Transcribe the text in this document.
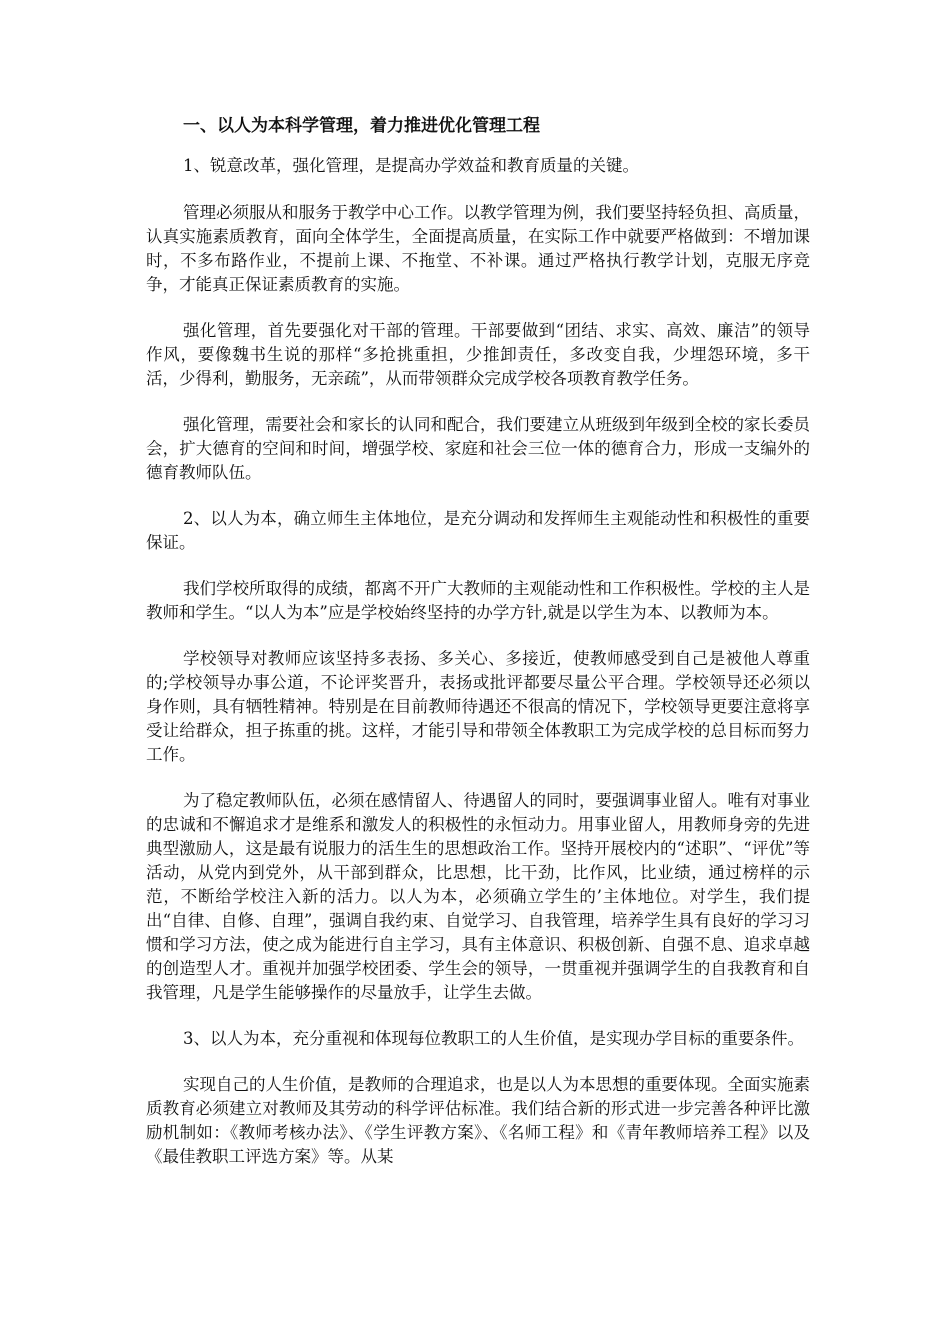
一、以人为本科学管理，着力推进优化管理工程

1、锐意改革，强化管理，是提高办学效益和教育质量的关键。

管理必须服从和服务于教学中心工作。以教学管理为例，我们要坚持轻负担、高质量，认真实施素质教育，面向全体学生，全面提高质量，在实际工作中就要严格做到：不增加课时，不多布路作业，不提前上课、不拖堂、不补课。通过严格执行教学计划，克服无序竞争，才能真正保证素质教育的实施。

强化管理，首先要强化对干部的管理。干部要做到“团结、求实、高效、廉洁”的领导作风，要像魏书生说的那样“多抢挑重担，少推卸责任，多改变自我，少埋怨环境，多干活，少得利，勤服务，无亲疏”，从而带领群众完成学校各项教育教学任务。

强化管理，需要社会和家长的认同和配合，我们要建立从班级到年级到全校的家长委员会，扩大德育的空间和时间，增强学校、家庭和社会三位一体的德育合力，形成一支编外的德育教师队伍。

2、以人为本，确立师生主体地位，是充分调动和发挥师生主观能动性和积极性的重要保证。

我们学校所取得的成绩，都离不开广大教师的主观能动性和工作积极性。学校的主人是教师和学生。“以人为本”应是学校始终坚持的办学方针,就是以学生为本、以教师为本。

学校领导对教师应该坚持多表扬、多关心、多接近，使教师感受到自己是被他人尊重的;学校领导办事公道，不论评奖晋升，表扬或批评都要尽量公平合理。学校领导还必须以身作则，具有牺牲精神。特别是在目前教师待遇还不很高的情况下，学校领导更要注意将享受让给群众，担子拣重的挑。这样，才能引导和带领全体教职工为完成学校的总目标而努力工作。

为了稳定教师队伍，必须在感情留人、待遇留人的同时，要强调事业留人。唯有对事业的忠诚和不懈追求才是维系和激发人的积极性的永恒动力。用事业留人，用教师身旁的先进典型激励人，这是最有说服力的活生生的思想政治工作。坚持开展校内的“述职”、“评优”等活动，从党内到党外，从干部到群众，比思想，比干劲，比作风，比业绩，通过榜样的示范，不断给学校注入新的活力。以人为本，必须确立学生的’主体地位。对学生，我们提出“自律、自修、自理”，强调自我约束、自觉学习、自我管理，培养学生具有良好的学习习惯和学习方法，使之成为能进行自主学习，具有主体意识、积极创新、自强不息、追求卓越的创造型人才。重视并加强学校团委、学生会的领导，一贯重视并强调学生的自我教育和自我管理，凡是学生能够操作的尽量放手，让学生去做。

3、以人为本，充分重视和体现每位教职工的人生价值，是实现办学目标的重要条件。

实现自己的人生价值，是教师的合理追求，也是以人为本思想的重要体现。全面实施素质教育必须建立对教师及其劳动的科学评估标准。我们结合新的形式进一步完善各种评比激励机制如：《教师考核办法》、《学生评教方案》、《名师工程》和《青年教师培养工程》以及《最佳教职工评选方案》等。从某
